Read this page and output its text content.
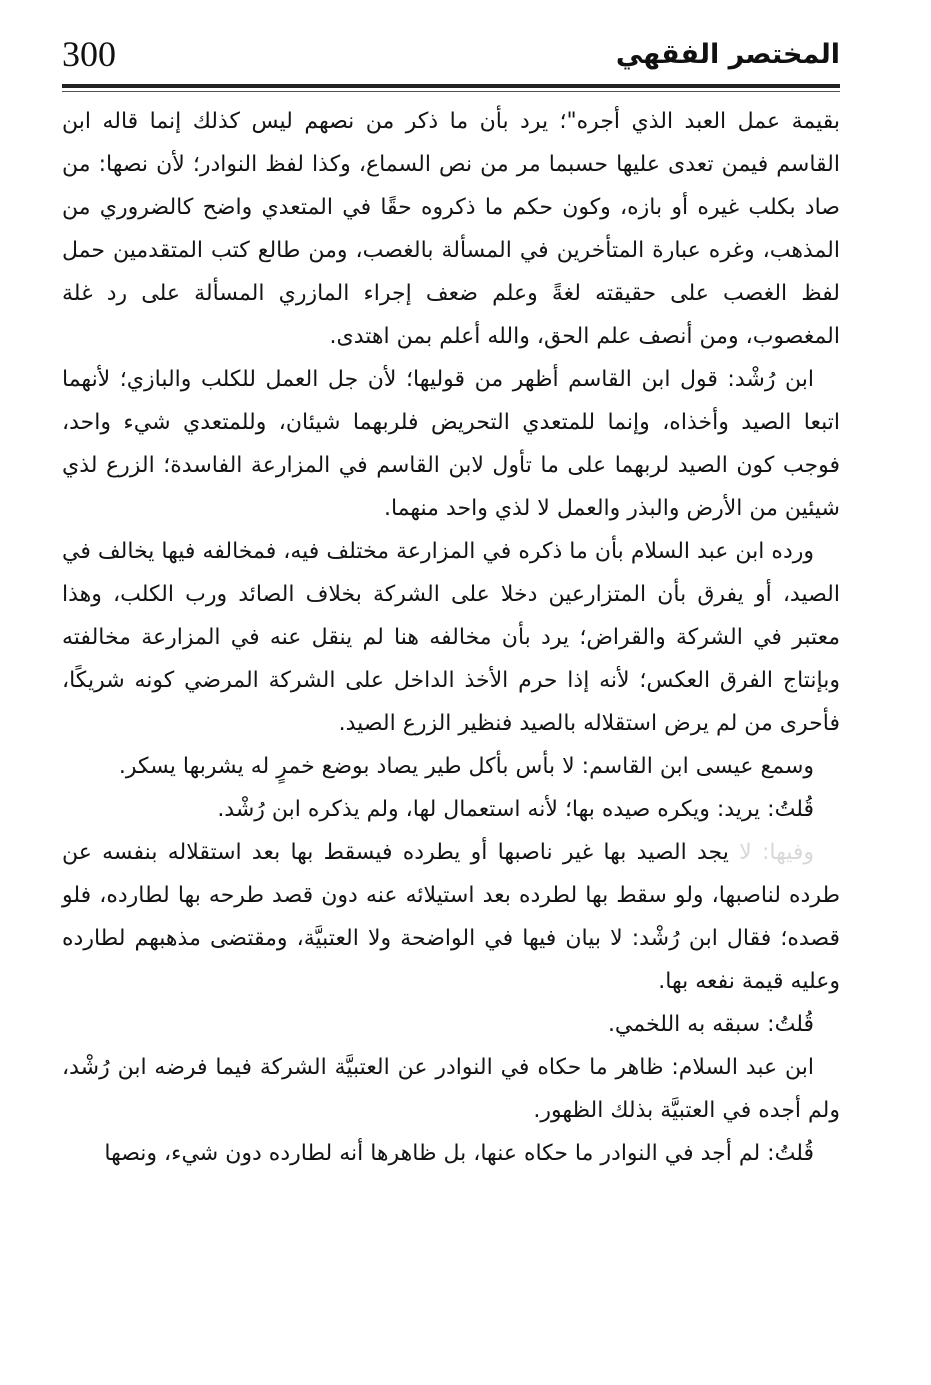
300	المختصر الفقهي

بقيمة عمل العبد الذي أجره"؛ يرد بأن ما ذكر من نصهم ليس كذلك إنما قاله ابن القاسم فيمن تعدى عليها حسبما مر من نص السماع، وكذا لفظ النوادر؛ لأن نصها: من صاد بكلب غيره أو بازه، وكون حكم ما ذكروه حقًا في المتعدي واضح كالضروري من المذهب، وغره عبارة المتأخرين في المسألة بالغصب، ومن طالع كتب المتقدمين حمل لفظ الغصب على حقيقته لغةً وعلم ضعف إجراء المازري المسألة على رد غلة المغصوب، ومن أنصف علم الحق، والله أعلم بمن اهتدى.

ابن رُشْد: قول ابن القاسم أظهر من قوليها؛ لأن جل العمل للكلب والبازي؛ لأنهما اتبعا الصيد وأخذاه، وإنما للمتعدي التحريض فلربهما شيئان، وللمتعدي شيء واحد، فوجب كون الصيد لربهما على ما تأول لابن القاسم في المزارعة الفاسدة؛ الزرع لذي شيئين من الأرض والبذر والعمل لا لذي واحد منهما.

ورده ابن عبد السلام بأن ما ذكره في المزارعة مختلف فيه، فمخالفه فيها يخالف في الصيد، أو يفرق بأن المتزارعين دخلا على الشركة بخلاف الصائد ورب الكلب، وهذا معتبر في الشركة والقراض؛ يرد بأن مخالفه هنا لم ينقل عنه في المزارعة مخالفته وبإنتاج الفرق العكس؛ لأنه إذا حرم الأخذ الداخل على الشركة المرضي كونه شريكًا، فأحرى من لم يرض استقلاله بالصيد فنظير الزرع الصيد.

وسمع عيسى ابن القاسم: لا بأس بأكل طير يصاد بوضع خمرٍ له يشربها يسكر.

قُلتُ: يريد: ويكره صيده بها؛ لأنه استعمال لها، ولم يذكره ابن رُشْد.

وفيها: لا يجد الصيد بها غير ناصبها أو يطرده فيسقط بها بعد استقلاله بنفسه عن طرده لناصبها، ولو سقط بها لطرده بعد استيلائه عنه دون قصد طرحه بها لطارده، فلو قصده؛ فقال ابن رُشْد: لا بيان فيها في الواضحة ولا العتبيَّة، ومقتضى مذهبهم لطارده وعليه قيمة نفعه بها.

قُلتُ: سبقه به اللخمي.

ابن عبد السلام: ظاهر ما حكاه في النوادر عن العتبيَّة الشركة فيما فرضه ابن رُشْد، ولم أجده في العتبيَّة بذلك الظهور.

قُلتُ: لم أجد في النوادر ما حكاه عنها، بل ظاهرها أنه لطارده دون شيء، ونصها
